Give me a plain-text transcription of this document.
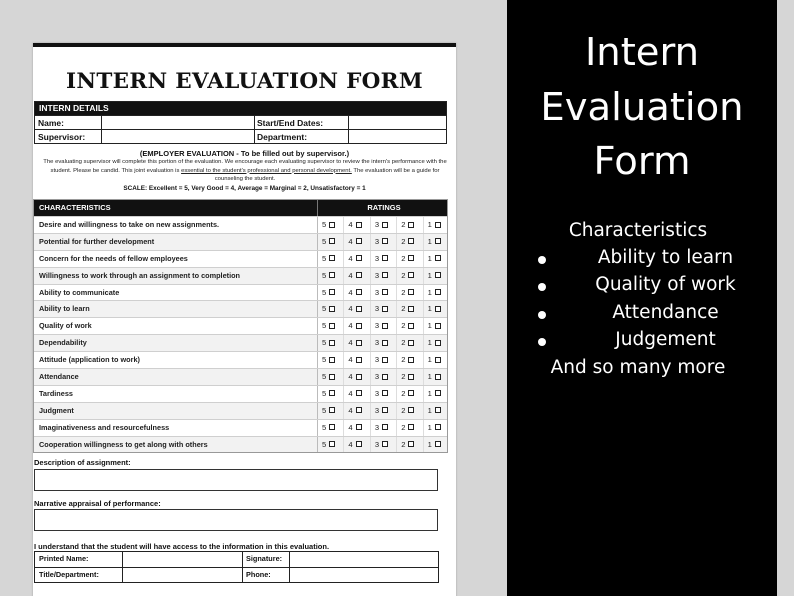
INTERN EVALUATION FORM
INTERN DETAILS
Name:	Start/End Dates:
Supervisor:	Department:
(EMPLOYER EVALUATION - To be filled out by supervisor.)
The evaluating supervisor will complete this portion of the evaluation. We encourage each evaluating supervisor to review the intern's performance with the student. Please be candid. This joint evaluation is essential to the student's professional and personal development. The evaluation will be a guide for counseling the student.
SCALE: Excellent = 5, Very Good = 4, Average = Marginal = 2, Unsatisfactory = 1
CHARACTERISTICS	RATINGS
Desire and willingness to take on new assignments.	5	4	3	2	1
Potential for further development	5	4	3	2	1
Concern for the needs of fellow employees	5	4	3	2	1
Willingness to work through an assignment to completion	5	4	3	2	1
Ability to communicate	5	4	3	2	1
Ability to learn	5	4	3	2	1
Quality of work	5	4	3	2	1
Dependability	5	4	3	2	1
Attitude (application to work)	5	4	3	2	1
Attendance	5	4	3	2	1
Tardiness	5	4	3	2	1
Judgment	5	4	3	2	1
Imaginativeness and resourcefulness	5	4	3	2	1
Cooperation willingness to get along with others	5	4	3	2	1
Description of assignment:
Narrative appraisal of performance:
I understand that the student will have access to the information in this evaluation.
Printed Name:	Signature:
Title/Department:	Phone:
Intern
Evaluation
Form
Characteristics
Ability to learn
Quality of work
Attendance
Judgement
And so many more
